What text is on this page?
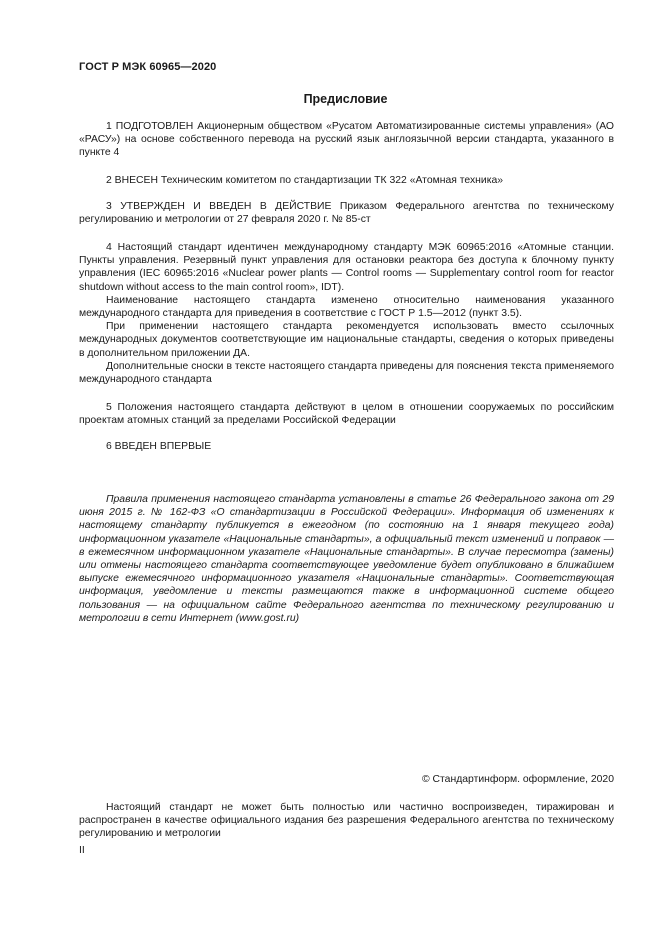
ГОСТ Р МЭК 60965—2020
Предисловие

1 ПОДГОТОВЛЕН Акционерным обществом «Русатом Автоматизированные системы управления» (АО «РАСУ») на основе собственного перевода на русский язык англоязычной версии стандарта, указанного в пункте 4

2 ВНЕСЕН Техническим комитетом по стандартизации ТК 322 «Атомная техника»

3 УТВЕРЖДЕН И ВВЕДЕН В ДЕЙСТВИЕ Приказом Федерального агентства по техническому регулированию и метрологии от 27 февраля 2020 г. № 85-ст

4 Настоящий стандарт идентичен международному стандарту МЭК 60965:2016 «Атомные станции. Пункты управления. Резервный пункт управления для остановки реактора без доступа к блочному пункту управления (IEC 60965:2016 «Nuclear power plants — Control rooms — Supplementary control room for reactor shutdown without access to the main control room», IDT).

Наименование настоящего стандарта изменено относительно наименования указанного международного стандарта для приведения в соответствие с ГОСТ Р 1.5—2012 (пункт 3.5).

При применении настоящего стандарта рекомендуется использовать вместо ссылочных международных документов соответствующие им национальные стандарты, сведения о которых приведены в дополнительном приложении ДА.

Дополнительные сноски в тексте настоящего стандарта приведены для пояснения текста применяемого международного стандарта

5 Положения настоящего стандарта действуют в целом в отношении сооружаемых по российским проектам атомных станций за пределами Российской Федерации

6 ВВЕДЕН ВПЕРВЫЕ

Правила применения настоящего стандарта установлены в статье 26 Федерального закона от 29 июня 2015 г. № 162-ФЗ «О стандартизации в Российской Федерации». Информация об изменениях к настоящему стандарту публикуется в ежегодном (по состоянию на 1 января текущего года) информационном указателе «Национальные стандарты», а официальный текст изменений и поправок — в ежемесячном информационном указателе «Национальные стандарты». В случае пересмотра (замены) или отмены настоящего стандарта соответствующее уведомление будет опубликовано в ближайшем выпуске ежемесячного информационного указателя «Национальные стандарты». Соответствующая информация, уведомление и тексты размещаются также в информационной системе общего пользования — на официальном сайте Федерального агентства по техническому регулированию и метрологии в сети Интернет (www.gost.ru)

© Стандартинформ. оформление, 2020

Настоящий стандарт не может быть полностью или частично воспроизведен, тиражирован и распространен в качестве официального издания без разрешения Федерального агентства по техническому регулированию и метрологии

II
